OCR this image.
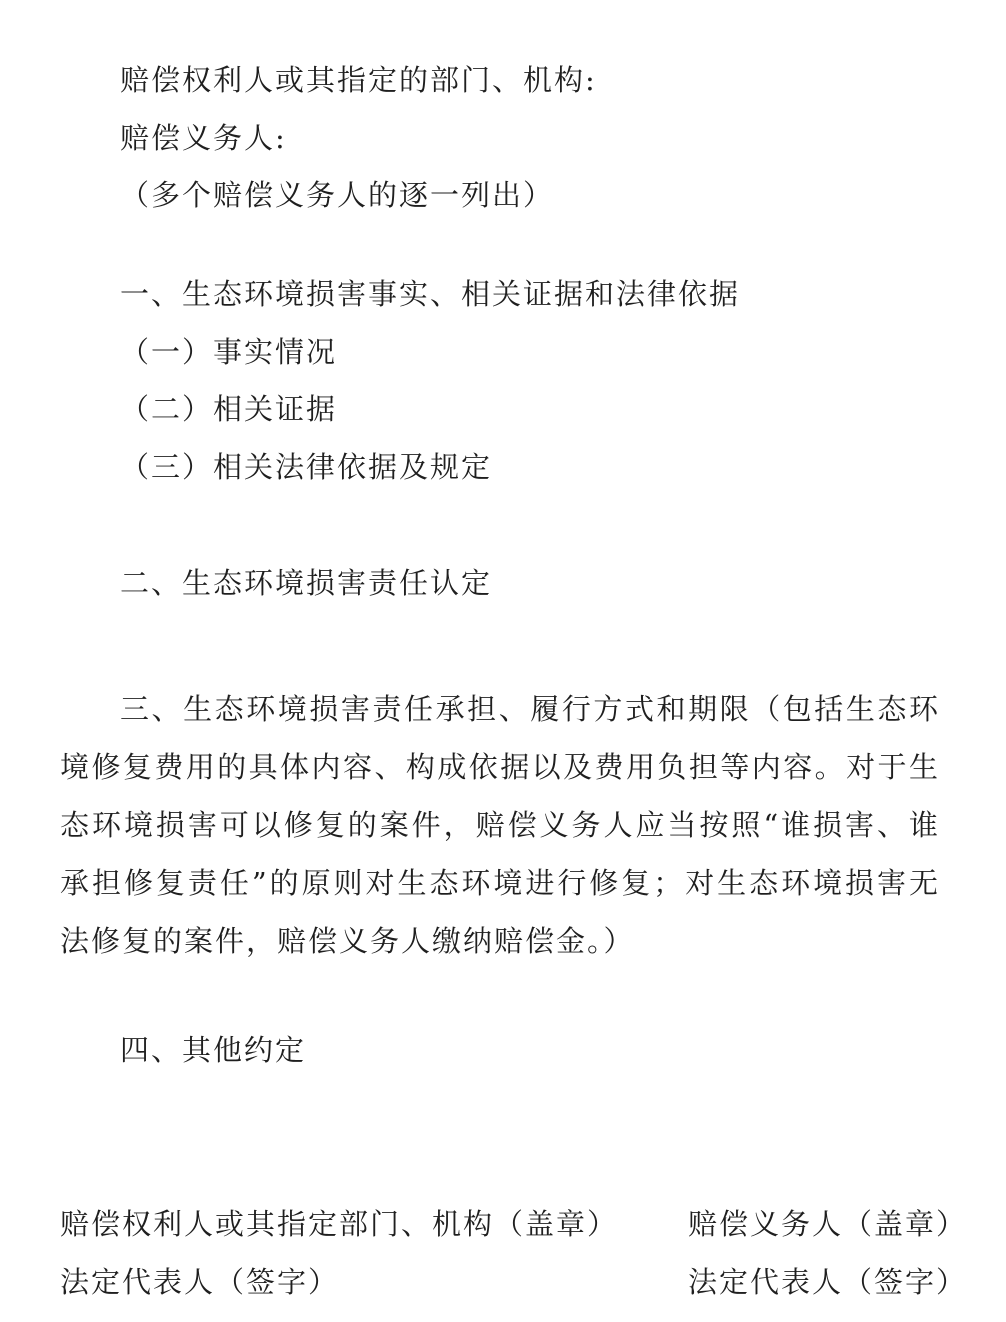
赔偿权利人或其指定的部门、机构:
赔偿义务人:
（多个赔偿义务人的逐一列出）
一、生态环境损害事实、相关证据和法律依据
（一）事实情况
（二）相关证据
（三）相关法律依据及规定
二、生态环境损害责任认定
三、生态环境损害责任承担、履行方式和期限（包括生态环境修复费用的具体内容、构成依据以及费用负担等内容。对于生态环境损害可以修复的案件，赔偿义务人应当按照“谁损害、谁承担修复责任”的原则对生态环境进行修复；对生态环境损害无法修复的案件，赔偿义务人缴纳赔偿金。）
四、其他约定
赔偿权利人或其指定部门、机构（盖章）
法定代表人（签字）
赔偿义务人（盖章）
法定代表人（签字）
